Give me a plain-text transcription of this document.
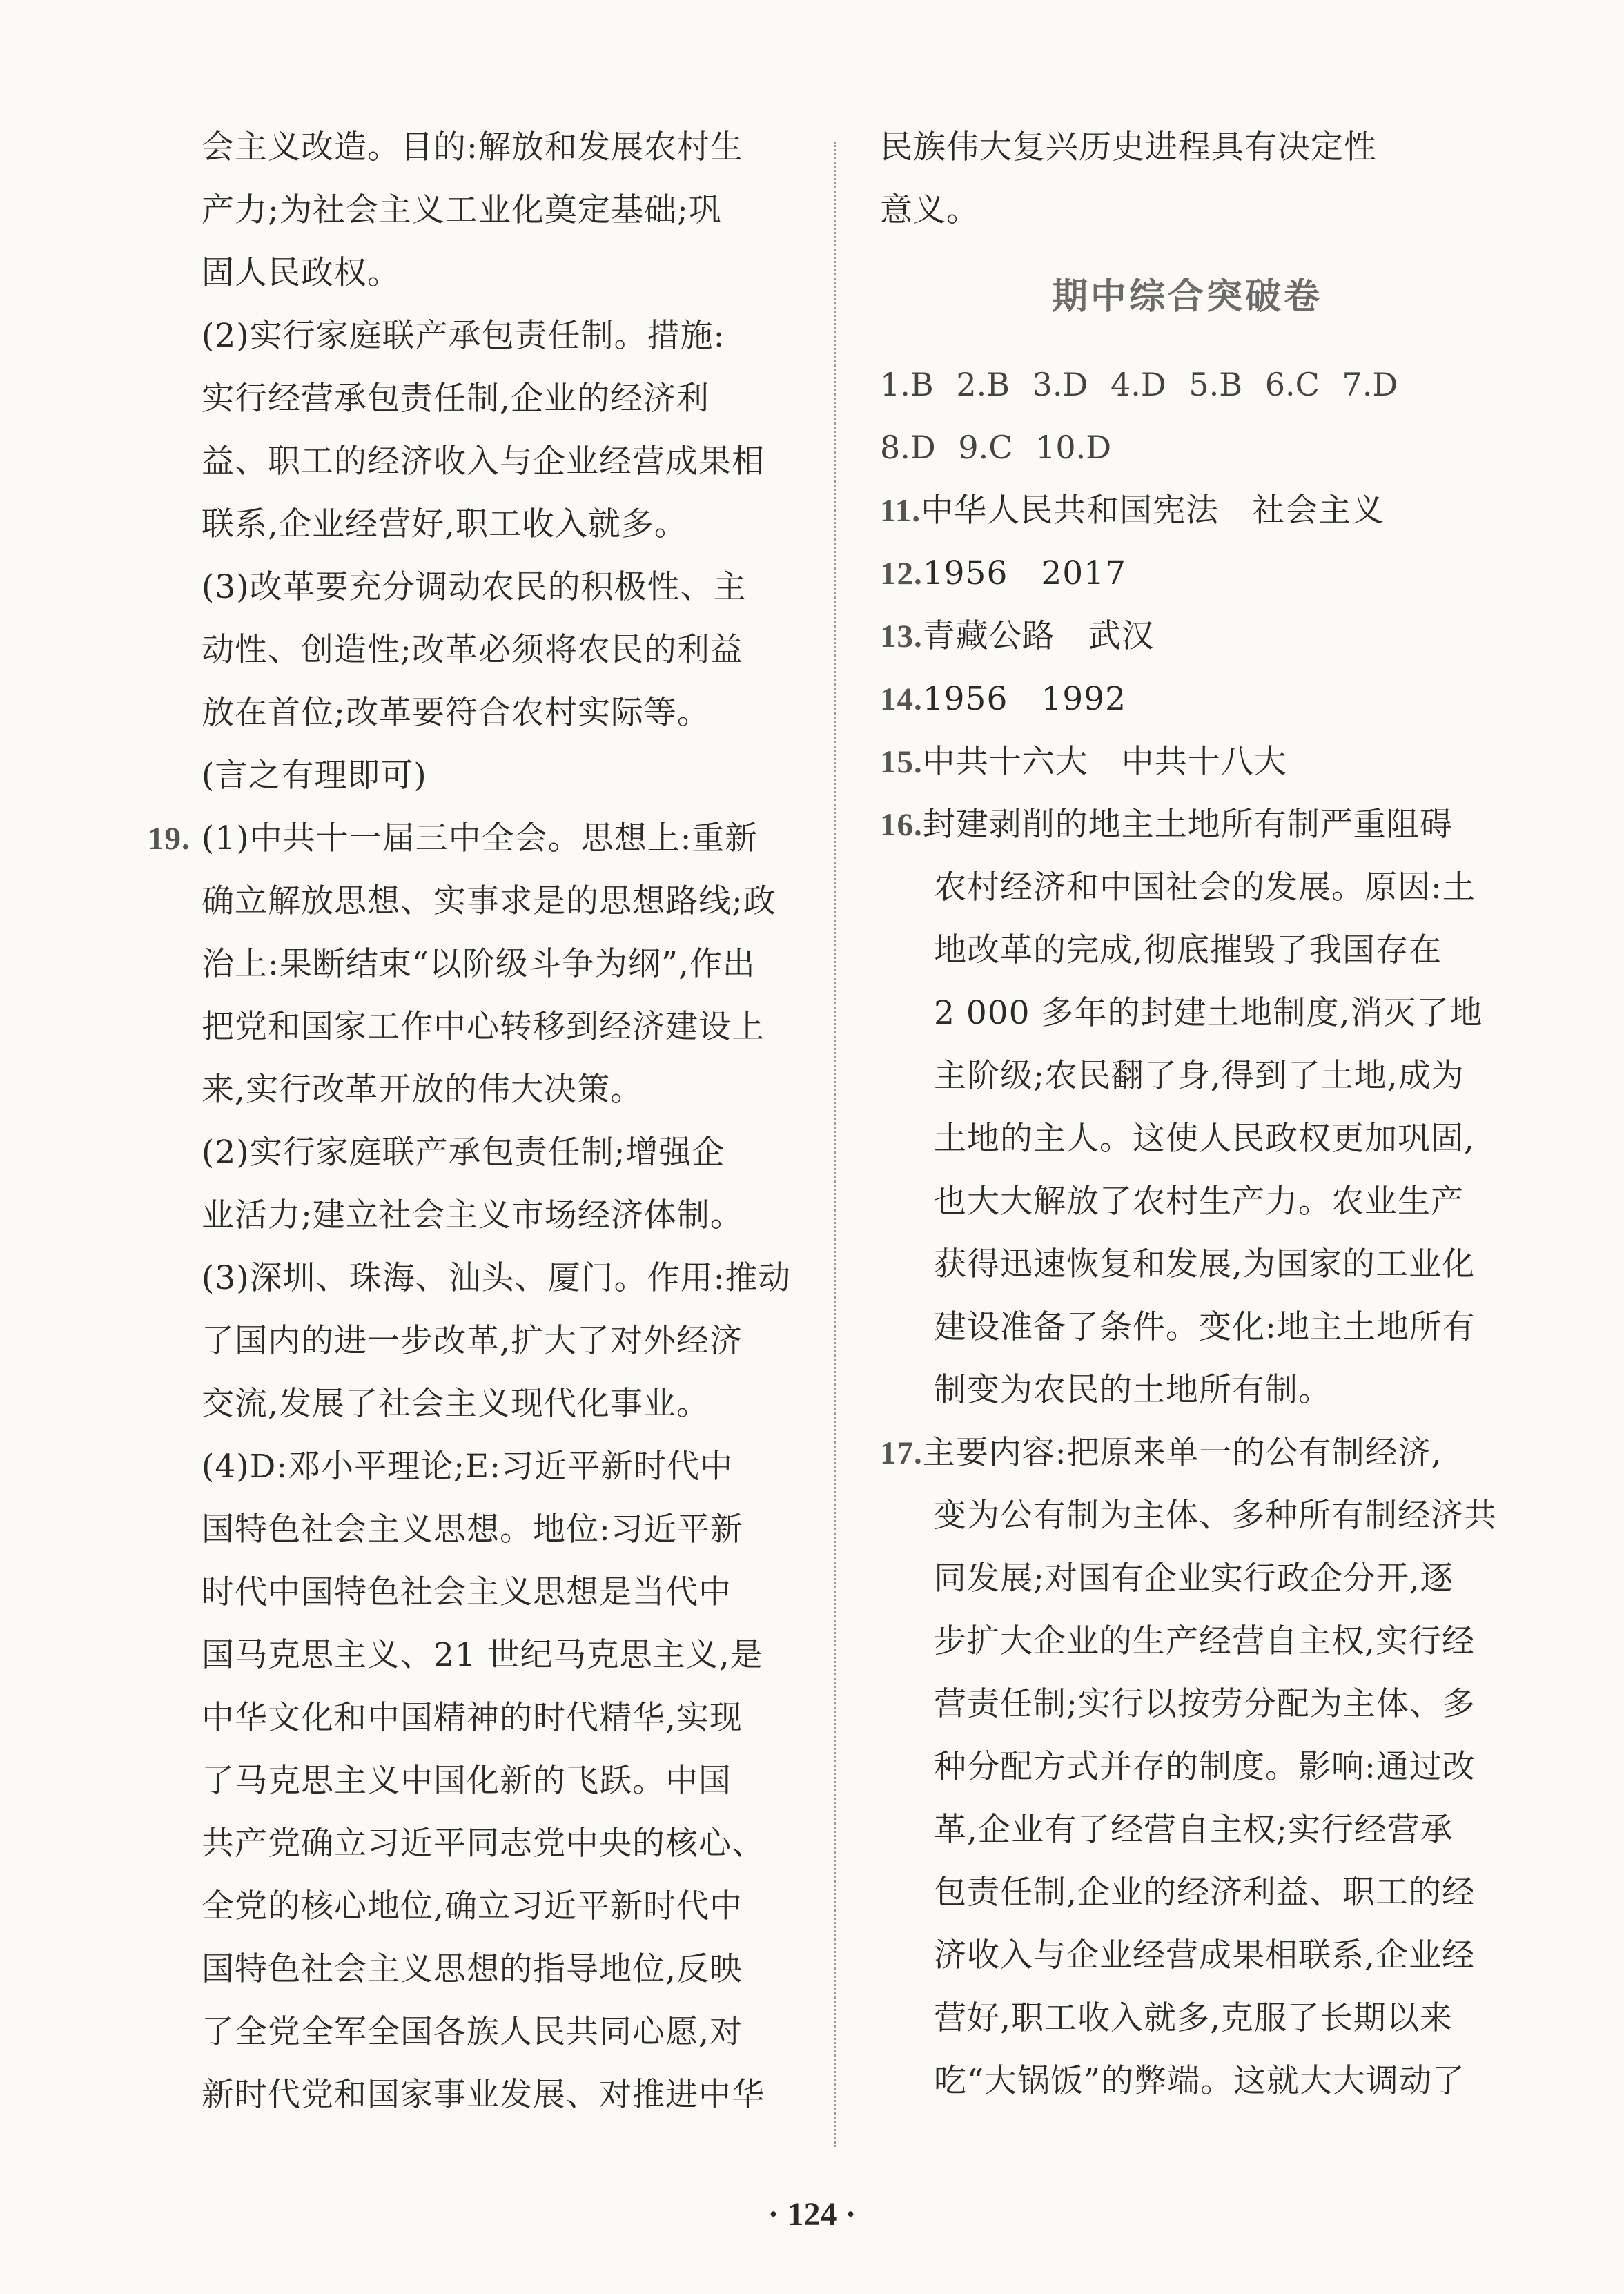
会主义改造。目的:解放和发展农村生
产力;为社会主义工业化奠定基础;巩
固人民政权。
(2)实行家庭联产承包责任制。措施:
实行经营承包责任制,企业的经济利
益、职工的经济收入与企业经营成果相
联系,企业经营好,职工收入就多。
(3)改革要充分调动农民的积极性、主
动性、创造性;改革必须将农民的利益
放在首位;改革要符合农村实际等。
(言之有理即可)
19. (1)中共十一届三中全会。思想上:重新
确立解放思想、实事求是的思想路线;政
治上:果断结束“以阶级斗争为纲”,作出
把党和国家工作中心转移到经济建设上
来,实行改革开放的伟大决策。
(2)实行家庭联产承包责任制;增强企
业活力;建立社会主义市场经济体制。
(3)深圳、珠海、汕头、厦门。作用:推动
了国内的进一步改革,扩大了对外经济
交流,发展了社会主义现代化事业。
(4)D:邓小平理论;E:习近平新时代中
国特色社会主义思想。地位:习近平新
时代中国特色社会主义思想是当代中
国马克思主义、21 世纪马克思主义,是
中华文化和中国精神的时代精华,实现
了马克思主义中国化新的飞跃。中国
共产党确立习近平同志党中央的核心、
全党的核心地位,确立习近平新时代中
国特色社会主义思想的指导地位,反映
了全党全军全国各族人民共同心愿,对
新时代党和国家事业发展、对推进中华
民族伟大复兴历史进程具有决定性
意义。
期中综合突破卷
1.B 2.B 3.D 4.D 5.B 6.C 7.D
8.D 9.C 10.D
11.中华人民共和国宪法　社会主义
12.1956　2017
13.青藏公路　武汉
14.1956　1992
15.中共十六大　中共十八大
16.封建剥削的地主土地所有制严重阻碍
农村经济和中国社会的发展。原因:土
地改革的完成,彻底摧毁了我国存在
2 000 多年的封建土地制度,消灭了地
主阶级;农民翻了身,得到了土地,成为
土地的主人。这使人民政权更加巩固,
也大大解放了农村生产力。农业生产
获得迅速恢复和发展,为国家的工业化
建设准备了条件。变化:地主土地所有
制变为农民的土地所有制。
17.主要内容:把原来单一的公有制经济,
变为公有制为主体、多种所有制经济共
同发展;对国有企业实行政企分开,逐
步扩大企业的生产经营自主权,实行经
营责任制;实行以按劳分配为主体、多
种分配方式并存的制度。影响:通过改
革,企业有了经营自主权;实行经营承
包责任制,企业的经济利益、职工的经
济收入与企业经营成果相联系,企业经
营好,职工收入就多,克服了长期以来
吃“大锅饭”的弊端。这就大大调动了
· 124 ·
